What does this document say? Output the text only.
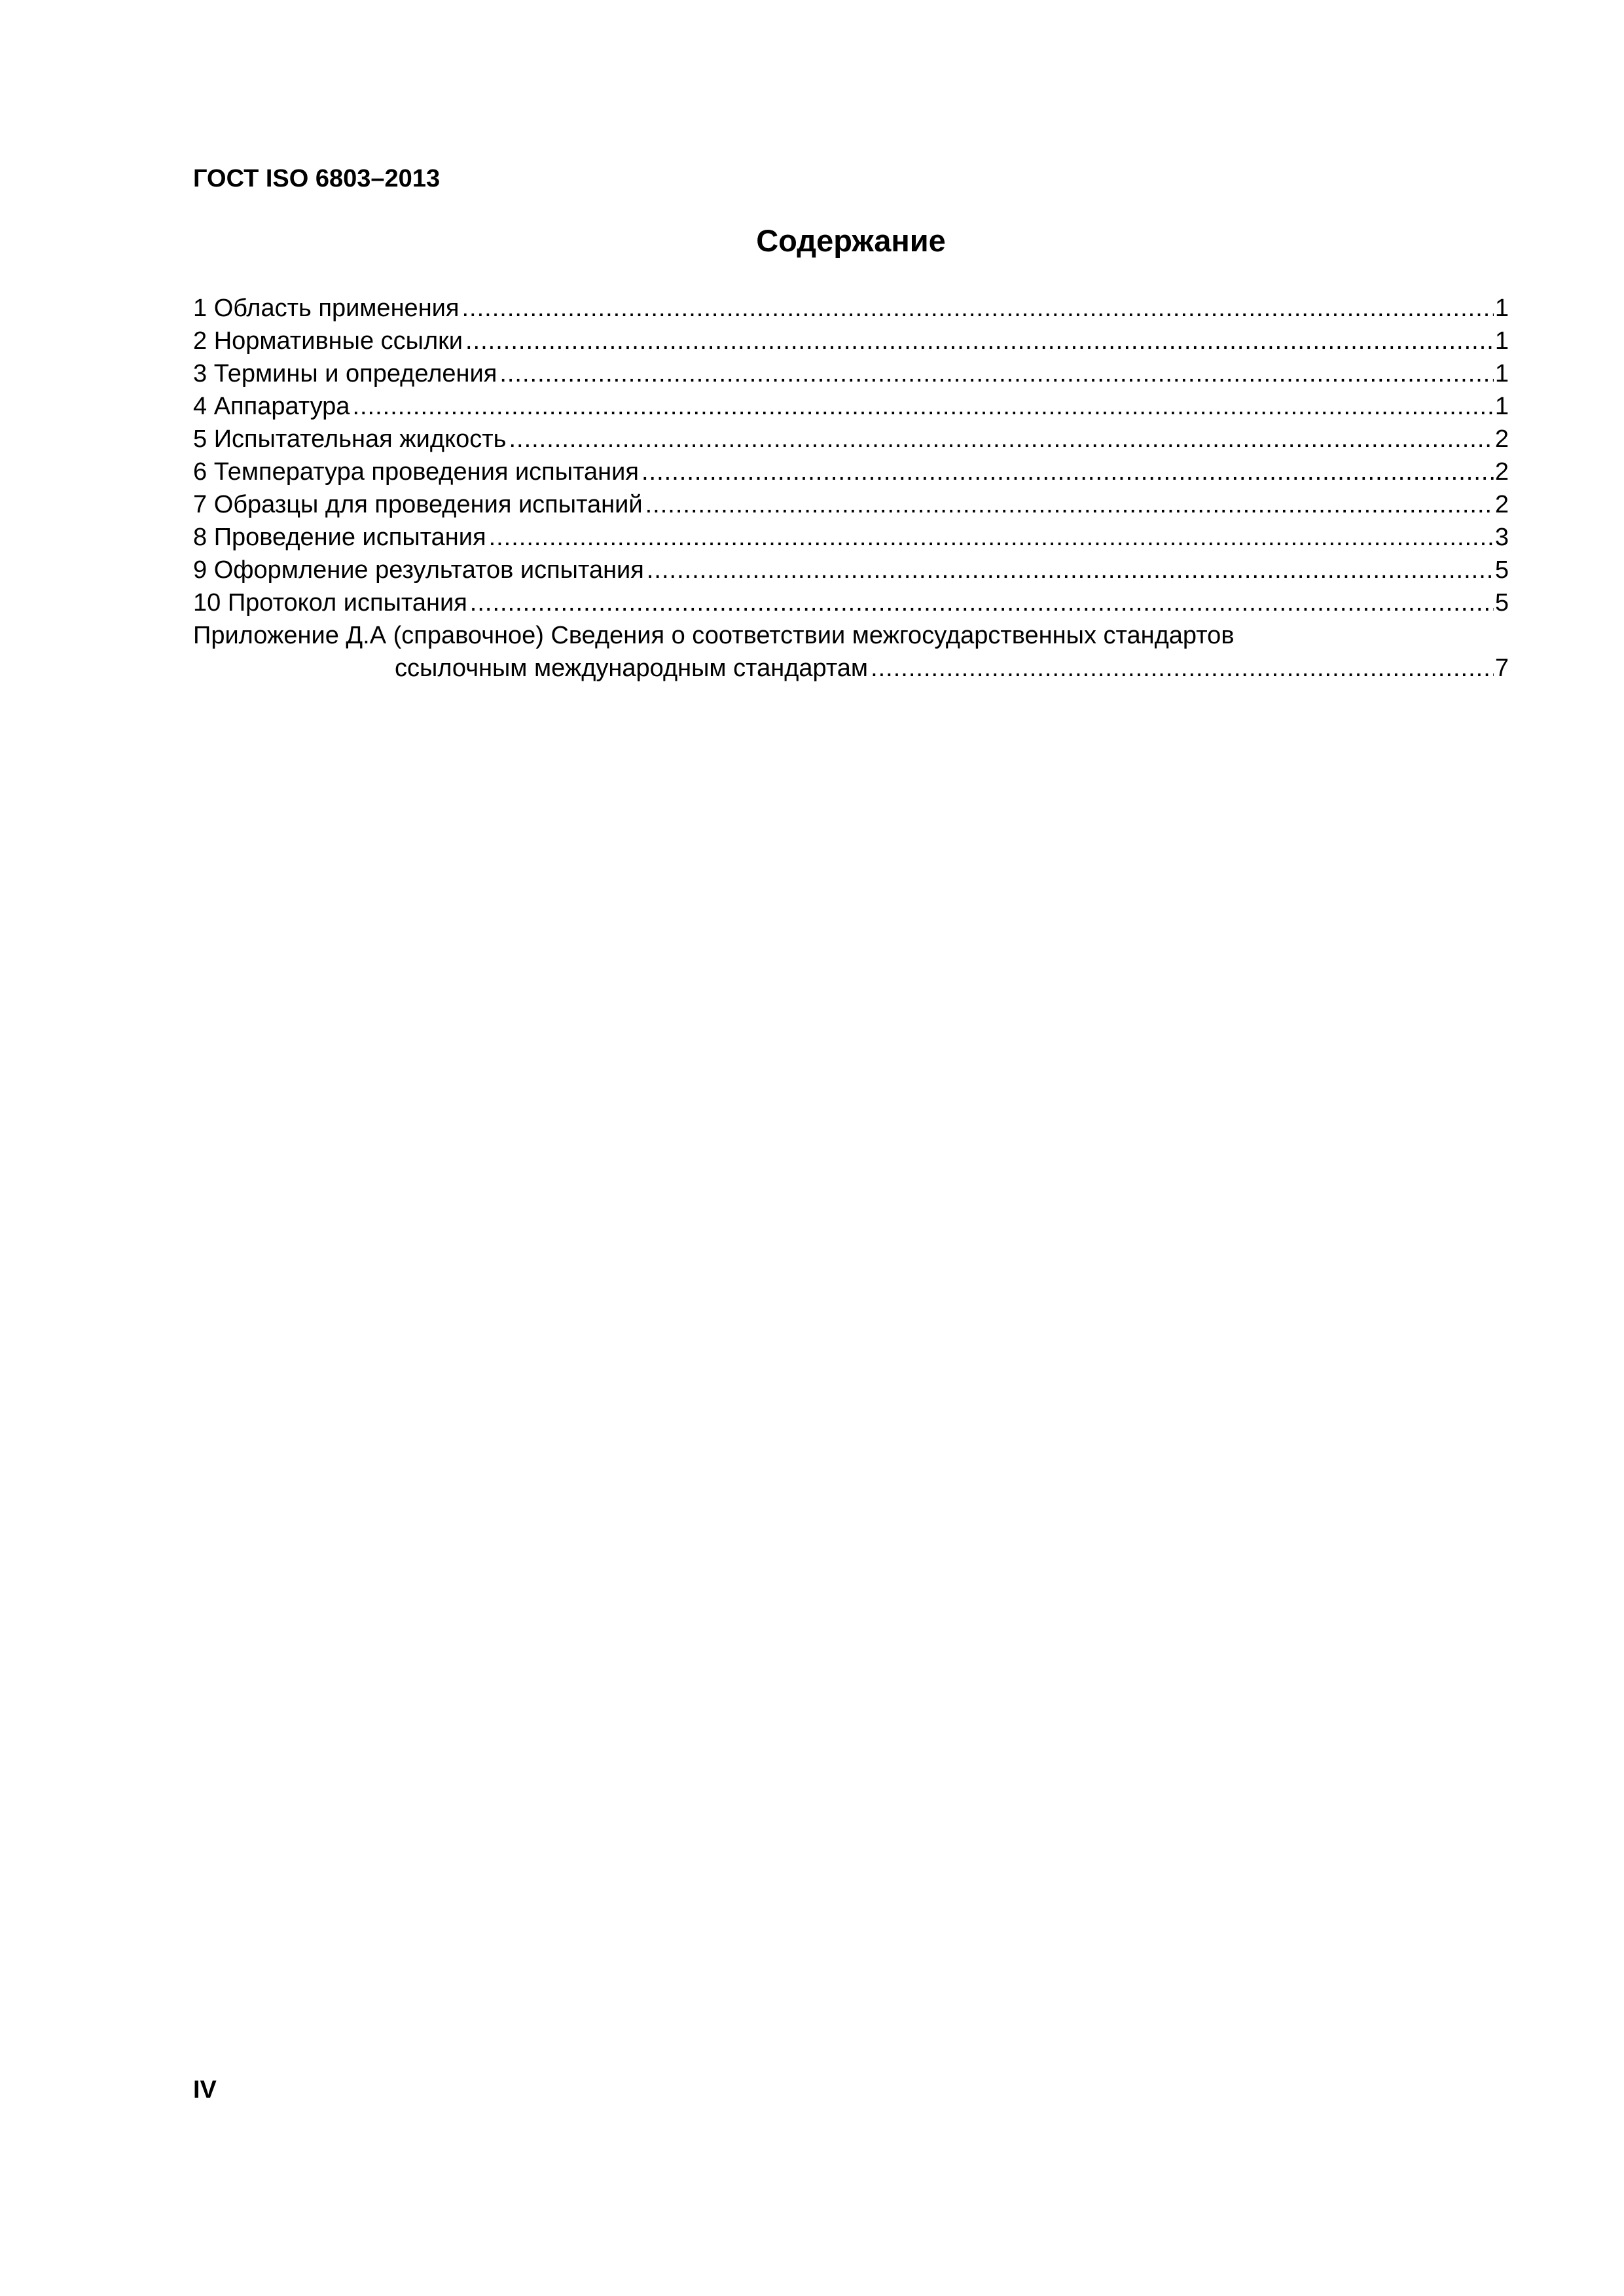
ГОСТ ISO 6803–2013
Содержание
1 Область применения .....	1
2 Нормативные ссылки .....	1
3 Термины и определения .....	1
4 Аппаратура .....	1
5 Испытательная жидкость .....	2
6 Температура проведения испытания .....	2
7 Образцы для проведения испытаний .....	2
8 Проведение испытания .....	3
9 Оформление результатов испытания .....	5
10 Протокол испытания .....	5
Приложение Д.А (справочное) Сведения о соответствии межгосударственных стандартов
ссылочным международным стандартам .....	7
IV
